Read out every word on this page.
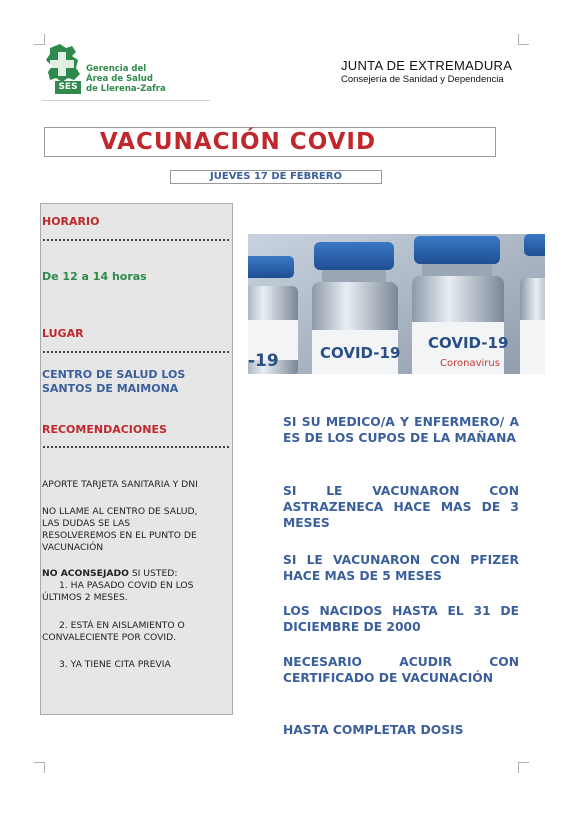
SES
Gerencia del
Área de Salud
de Llerena-Zafra
JUNTA DE EXTREMADURA
Consejería de Sanidad y Dependencia
VACUNACIÓN COVID
JUEVES 17 DE FEBRERO
HORARIO
De 12 a 14 horas
LUGAR
CENTRO DE SALUD LOS
SANTOS DE MAIMONA
RECOMENDACIONES
APORTE TARJETA SANITARIA Y DNI
NO LLAME AL CENTRO DE SALUD,
LAS DUDAS SE LAS
RESOLVEREMOS EN EL PUNTO DE
VACUNACIÓN
NO ACONSEJADO SI USTED:
1. HA PASADO COVID EN LOS
ÚLTIMOS 2 MESES.
2. ESTÁ EN AISLAMIENTO O
CONVALECIENTE POR COVID.
3. YA TIENE CITA PREVIA
-19	COVID-19
COVID-19
Coronavirus
SI SU MEDICO/A Y ENFERMERO/ A ES DE LOS CUPOS DE LA MAÑANA
SI LE VACUNARON CON ASTRAZENECA HACE MAS DE 3 MESES
SI LE VACUNARON CON PFIZER HACE MAS DE 5 MESES
LOS NACIDOS HASTA EL 31 DE DICIEMBRE DE 2000
NECESARIO ACUDIR CON CERTIFICADO DE VACUNACIÓN
HASTA COMPLETAR DOSIS
